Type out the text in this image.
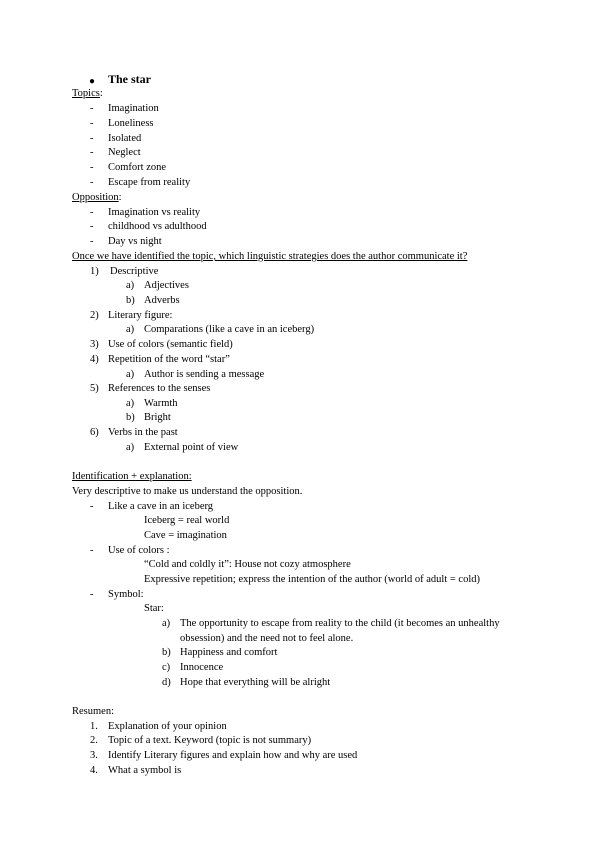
● The star
Topics:
- Imagination
- Loneliness
- Isolated
- Neglect
- Comfort zone
- Escape from reality
Opposition:
- Imagination vs reality
- childhood vs adulthood
- Day vs night
Once we have identified the topic, which linguistic strategies does the author communicate it?
1) Descriptive
a) Adjectives
b) Adverbs
2) Literary figure:
a) Comparations (like a cave in an iceberg)
3) Use of colors (semantic field)
4) Repetition of the word “star”
a) Author is sending a message
5) References to the senses
a) Warmth
b) Bright
6) Verbs in the past
a) External point of view
Identification + explanation:
Very descriptive to make us understand the opposition.
- Like a cave in an iceberg
Iceberg = real world
Cave = imagination
- Use of colors :
“Cold and coldly it”: House not cozy atmosphere
Expressive repetition; express the intention of the author (world of adult = cold)
- Symbol:
Star:
a) The opportunity to escape from reality to the child (it becomes an unhealthy obsession) and the need not to feel alone.
b) Happiness and comfort
c) Innocence
d) Hope that everything will be alright
Resumen:
1. Explanation of your opinion
2. Topic of a text. Keyword (topic is not summary)
3. Identify Literary figures and explain how and why are used
4. What a symbol is
